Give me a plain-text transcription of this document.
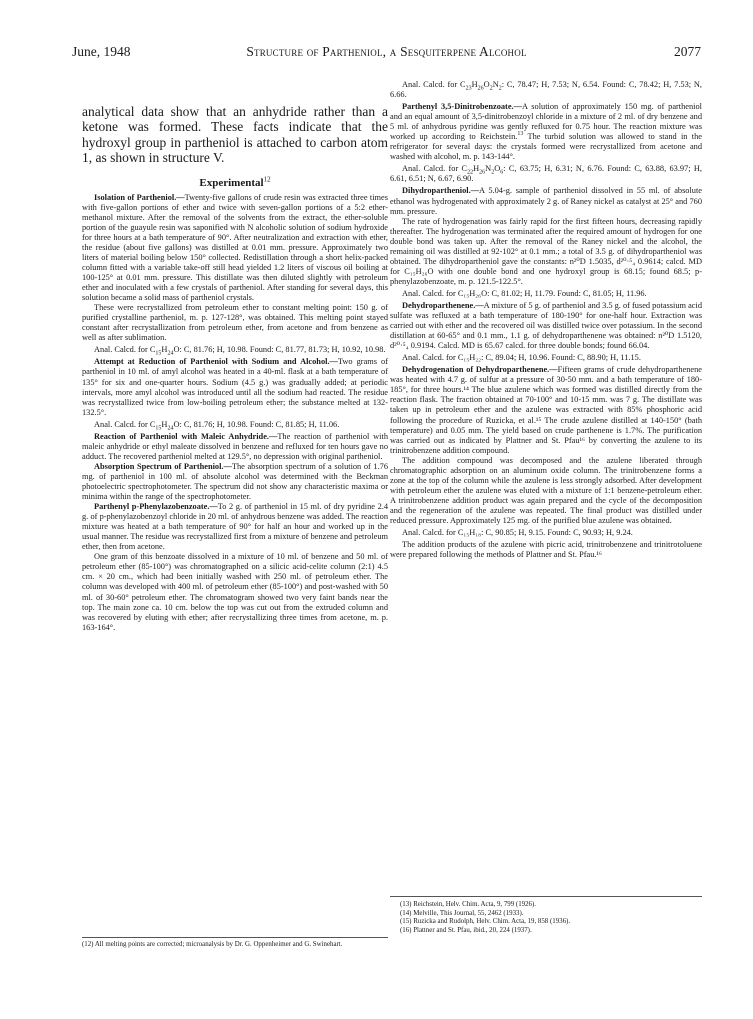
June, 1948	Structure of Partheniol, a Sesquiterpene Alcohol	2077

analytical data show that an anhydride rather than a ketone was formed. These facts indicate that the hydroxyl group in partheniol is attached to carbon atom 1, as shown in structure V.

Experimental$^{12}$

Isolation of Partheniol.—Twenty-five gallons of crude resin was extracted three times with five-gallon portions of ether and twice with seven-gallon portions of a 5:2 ether-methanol mixture. After the removal of the solvents from the extract, the ether-soluble portion of the guayule resin was saponified with N alcoholic solution of sodium hydroxide for three hours at a bath temperature of 90°. After neutralization and extraction with ether, the residue (about five gallons) was distilled at 0.01 mm. pressure. Approximately two liters of material boiling below 150° collected. Redistillation through a short helix-packed column fitted with a variable take-off still head yielded 1.2 liters of viscous oil boiling at 100-125° at 0.01 mm. pressure. This distillate was then diluted slightly with petroleum ether and inoculated with a few crystals of partheniol. After standing for several days, this solution became a solid mass of partheniol crystals.

These were recrystallized from petroleum ether to constant melting point: 150 g. of purified crystalline partheniol, m. p. 127-128°, was obtained. This melting point stayed constant after recrystallization from petroleum ether, from acetone and from benzene as well as after sublimation.

Anal. Calcd. for $C_{15}H_{24}O$: C, 81.76; H, 10.98. Found: C, 81.77, 81.73; H, 10.92, 10.98.

Attempt at Reduction of Partheniol with Sodium and Alcohol.—Two grams of partheniol in 10 ml. of amyl alcohol was heated in a 40-ml. flask at a bath temperature of 135° for six and one-quarter hours. Sodium (4.5 g.) was gradually added; at periodic intervals, more amyl alcohol was introduced until all the sodium had reacted. The residue was recrystallized twice from low-boiling petroleum ether; the substance melted at 132-132.5°.

Anal. Calcd. for $C_{15}H_{24}O$: C, 81.76; H, 10.98. Found: C, 81.85; H, 11.06.

Reaction of Partheniol with Maleic Anhydride.—The reaction of partheniol with maleic anhydride or ethyl maleate dissolved in benzene and refluxed for ten hours gave no adduct. The recovered partheniol melted at 129.5°, no depression with original partheniol.

Absorption Spectrum of Partheniol.—The absorption spectrum of a solution of 1.76 mg. of partheniol in 100 ml. of absolute alcohol was determined with the Beckman photoelectric spectrophotometer. The spectrum did not show any characteristic maxima or minima within the range of the spectrophotometer.

Parthenyl p-Phenylazobenzoate.—To 2 g. of partheniol in 15 ml. of dry pyridine 2.4 g. of p-phenylazobenzoyl chloride in 20 ml. of anhydrous benzene was added. The reaction mixture was heated at a bath temperature of 90° for half an hour and worked up in the usual manner. The residue was recrystallized first from a mixture of benzene and petroleum ether, then from acetone.

One gram of this benzoate dissolved in a mixture of 10 ml. of benzene and 50 ml. of petroleum ether (85-100°) was chromatographed on a silicic acid-celite column (2:1) 4.5 cm. × 20 cm., which had been initially washed with 250 ml. of petroleum ether. The column was developed with 400 ml. of petroleum ether (85-100°) and post-washed with 50 ml. of 30-60° petroleum ether. The chromatogram showed two very faint bands near the top. The main zone ca. 10 cm. below the top was cut out from the extruded column and was recovered by eluting with ether; after recrystallizing three times from acetone, m. p. 163-164°.

(12) All melting points are corrected; microanalysis by Dr. G. Oppenheimer and G. Swinehart.

Anal. Calcd. for $C_{23}H_{26}O_2N_2$: C, 78.47; H, 7.53; N, 6.54. Found: C, 78.42; H, 7.53; N, 6.66.

Parthenyl 3,5-Dinitrobenzoate.—A solution of approximately 150 mg. of partheniol and an equal amount of 3,5-dinitrobenzoyl chloride in a mixture of 2 ml. of dry benzene and 5 ml. of anhydrous pyridine was gently refluxed for 0.75 hour. The reaction mixture was worked up according to Reichstein.$^{13}$ The turbid solution was allowed to stand in the refrigerator for several days: the crystals formed were recrystallized from acetone and washed with alcohol, m. p. 143-144°.

Anal. Calcd. for $C_{22}H_{26}N_2O_6$: C, 63.75; H, 6.31; N, 6.76. Found: C, 63.88, 63.97; H, 6.61, 6.51; N, 6.67, 6.90.

Dihydropartheniol.—A 5.04-g. sample of partheniol dissolved in 55 ml. of absolute ethanol was hydrogenated with approximately 2 g. of Raney nickel as catalyst at 25° and 760 mm. pressure.

The rate of hydrogenation was fairly rapid for the first fifteen hours, decreasing rapidly thereafter. The hydrogenation was terminated after the required amount of hydrogen for one double bond was taken up. After the removal of the Raney nickel and the alcohol, the remaining oil was distilled at 92-102° at 0.1 mm.; a total of 3.5 g. of dihydropartheniol was obtained. The dihydropartheniol gave the constants: n²⁰D 1.5035, d²⁰·⁵₄ 0.9614; calcd. MD for C₁₅H₂₆O with one double bond and one hydroxyl group is 68.15; found 68.5; p-phenylazobenzoate, m. p. 121.5-122.5°.

Anal. Calcd. for C₁₅H₂₆O: C, 81.02; H, 11.79. Found: C, 81.05; H, 11.96.

Dehydroparthenene.—A mixture of 5 g. of partheniol and 3.5 g. of fused potassium acid sulfate was refluxed at a bath temperature of 180-190° for one-half hour. Extraction was carried out with ether and the recovered oil was distilled twice over potassium. In the second distillation at 60-65° and 0.1 mm., 1.1 g. of dehydroparthenene was obtained: n²⁰D 1.5120, d²⁰·⁵₄ 0.9194. Calcd. MD is 65.67 calcd. for three double bonds; found 66.04.

Anal. Calcd. for C₁₅H₂₂: C, 89.04; H, 10.96. Found: C, 88.90; H, 11.15.

Dehydrogenation of Dehydroparthenene.—Fifteen grams of crude dehydroparthenene was heated with 4.7 g. of sulfur at a pressure of 30-50 mm. and a bath temperature of 180-185°, for three hours.¹⁴ The blue azulene which was formed was distilled directly from the reaction flask. The fraction obtained at 70-100° and 10-15 mm. was 7 g. The distillate was taken up in petroleum ether and the azulene was extracted with 85% phosphoric acid following the procedure of Ruzicka, et al.¹⁵ The crude azulene distilled at 140-150° (bath temperature) and 0.05 mm. The yield based on crude parthenene is 1.7%. The purification was carried out as indicated by Plattner and St. Pfau¹⁶ by converting the azulene to its trinitrobenzene addition compound.

The addition compound was decomposed and the azulene liberated through chromatographic adsorption on an aluminum oxide column. The trinitrobenzene forms a zone at the top of the column while the azulene is less strongly adsorbed. After development with petroleum ether the azulene was eluted with a mixture of 1:1 benzene-petroleum ether. A trinitrobenzene addition product was again prepared and the cycle of the decomposition and the regeneration of the azulene was repeated. The final product was distilled under reduced pressure. Approximately 125 mg. of the purified blue azulene was obtained.

Anal. Calcd. for C₁₅H₁₈: C, 90.85; H, 9.15. Found: C, 90.93; H, 9.24.

The addition products of the azulene with picric acid, trinitrobenzene and trinitrotoluene were prepared following the methods of Plattner and St. Pfau.¹⁶

(13) Reichstein, Helv. Chim. Acta, 9, 799 (1926).
(14) Melville, This Journal, 55, 2462 (1933).
(15) Ruzicka and Rudolph, Helv. Chim. Acta, 19, 858 (1936).
(16) Plattner and St. Pfau, ibid., 20, 224 (1937).
